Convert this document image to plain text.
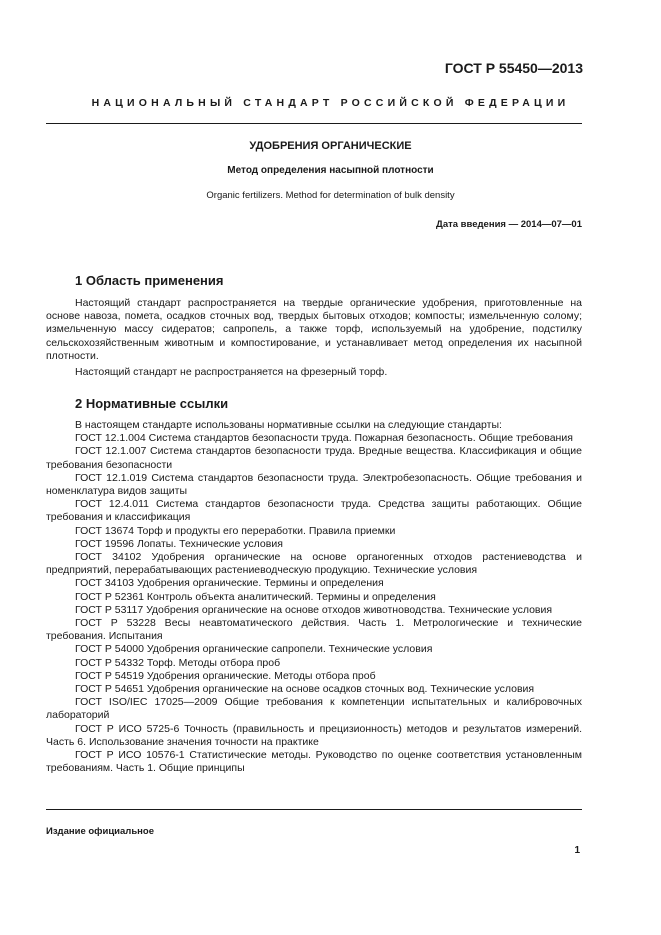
ГОСТ Р 55450—2013
НАЦИОНАЛЬНЫЙ СТАНДАРТ РОССИЙСКОЙ ФЕДЕРАЦИИ
УДОБРЕНИЯ ОРГАНИЧЕСКИЕ
Метод определения насыпной плотности
Organic fertilizers. Method for determination of bulk density
Дата введения — 2014—07—01
1 Область применения

Настоящий стандарт распространяется на твердые органические удобрения, приготовленные на основе навоза, помета, осадков сточных вод, твердых бытовых отходов; компосты; измельченную солому; измельченную массу сидератов; сапропель, а также торф, используемый на удобрение, подстилку сельскохозяйственным животным и компостирование, и устанавливает метод определения их насыпной плотности.

Настоящий стандарт не распространяется на фрезерный торф.

2 Нормативные ссылки

В настоящем стандарте использованы нормативные ссылки на следующие стандарты:

ГОСТ 12.1.004 Система стандартов безопасности труда. Пожарная безопасность. Общие требования

ГОСТ 12.1.007 Система стандартов безопасности труда. Вредные вещества. Классификация и общие требования безопасности

ГОСТ 12.1.019 Система стандартов безопасности труда. Электробезопасность. Общие требования и номенклатура видов защиты

ГОСТ 12.4.011 Система стандартов безопасности труда. Средства защиты работающих. Общие требования и классификация

ГОСТ 13674 Торф и продукты его переработки. Правила приемки

ГОСТ 19596 Лопаты. Технические условия

ГОСТ 34102 Удобрения органические на основе органогенных отходов растениеводства и предприятий, перерабатывающих растениеводческую продукцию. Технические условия

ГОСТ 34103 Удобрения органические. Термины и определения

ГОСТ Р 52361 Контроль объекта аналитический. Термины и определения

ГОСТ Р 53117 Удобрения органические на основе отходов животноводства. Технические условия

ГОСТ Р 53228 Весы неавтоматического действия. Часть 1. Метрологические и технические требования. Испытания

ГОСТ Р 54000 Удобрения органические сапропели. Технические условия

ГОСТ Р 54332 Торф. Методы отбора проб

ГОСТ Р 54519 Удобрения органические. Методы отбора проб

ГОСТ Р 54651 Удобрения органические на основе осадков сточных вод. Технические условия

ГОСТ ISO/IEC 17025—2009 Общие требования к компетенции испытательных и калибровочных лабораторий

ГОСТ Р ИСО 5725-6 Точность (правильность и прецизионность) методов и результатов измерений. Часть 6. Использование значения точности на практике

ГОСТ Р ИСО 10576-1 Статистические методы. Руководство по оценке соответствия установленным требованиям. Часть 1. Общие принципы

Издание официальное
1
